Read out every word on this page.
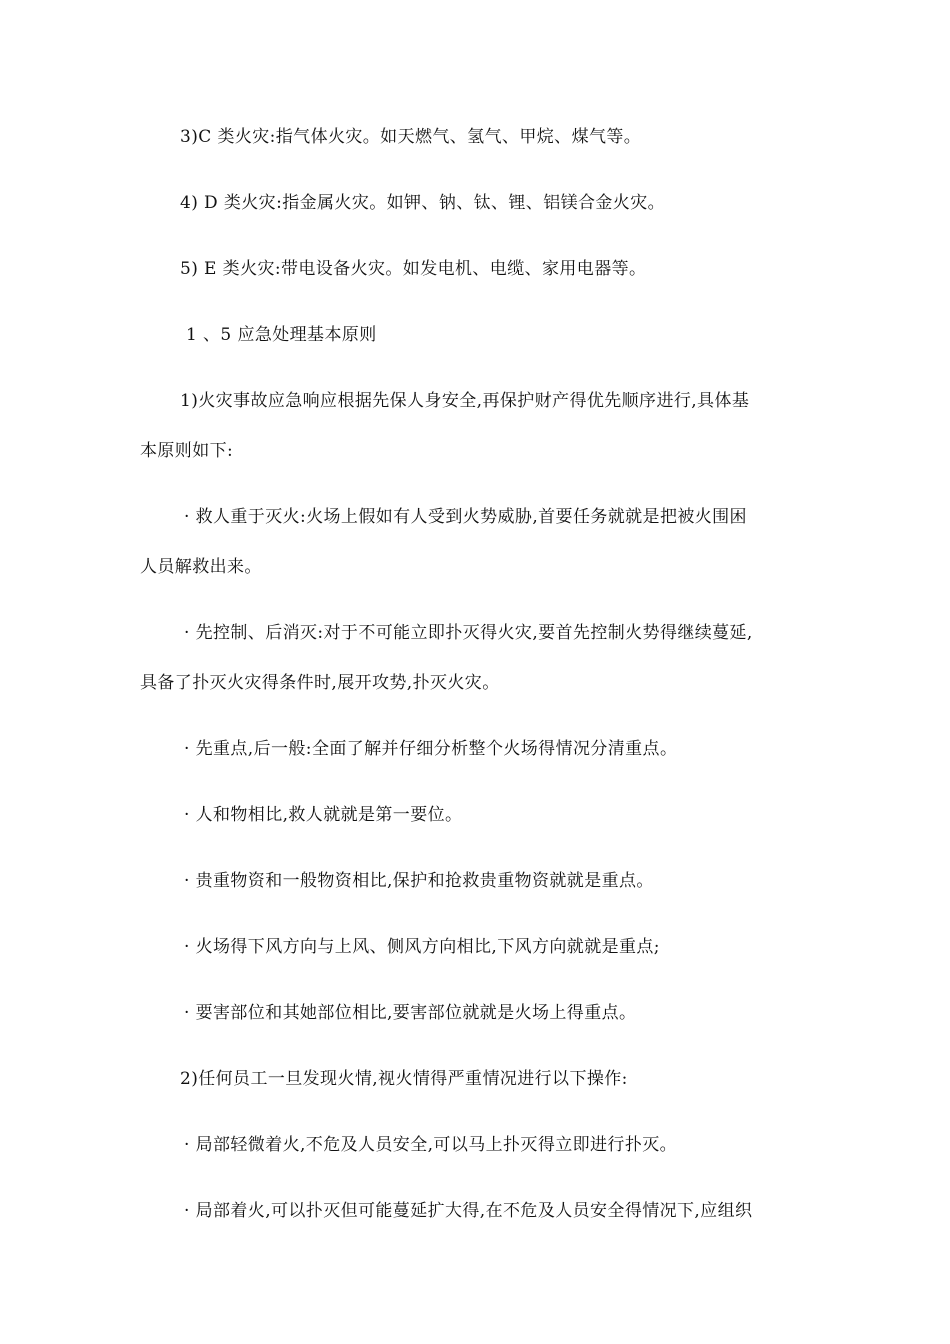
3)C 类火灾:指气体火灾。如天燃气、氢气、甲烷、煤气等。
4) D 类火灾:指金属火灾。如钾、钠、钛、锂、铝镁合金火灾。
5) E 类火灾:带电设备火灾。如发电机、电缆、家用电器等。
1 、5 应急处理基本原则
1)火灾事故应急响应根据先保人身安全,再保护财产得优先顺序进行,具体基
本原则如下:
· 救人重于灭火:火场上假如有人受到火势威胁,首要任务就就是把被火围困
人员解救出来。
· 先控制、后消灭:对于不可能立即扑灭得火灾,要首先控制火势得继续蔓延,
具备了扑灭火灾得条件时,展开攻势,扑灭火灾。
· 先重点,后一般:全面了解并仔细分析整个火场得情况分清重点。
· 人和物相比,救人就就是第一要位。
· 贵重物资和一般物资相比,保护和抢救贵重物资就就是重点。
· 火场得下风方向与上风、侧风方向相比,下风方向就就是重点;
· 要害部位和其她部位相比,要害部位就就是火场上得重点。
2)任何员工一旦发现火情,视火情得严重情况进行以下操作:
· 局部轻微着火,不危及人员安全,可以马上扑灭得立即进行扑灭。
· 局部着火,可以扑灭但可能蔓延扩大得,在不危及人员安全得情况下,应组织
